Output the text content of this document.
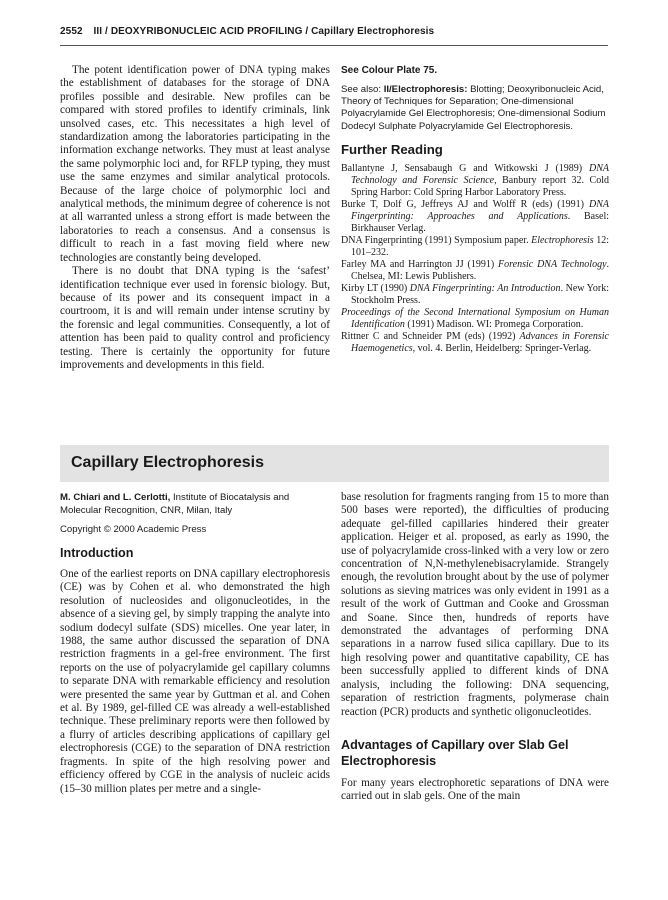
2552 III / DEOXYRIBONUCLEIC ACID PROFILING / Capillary Electrophoresis

The potent identification power of DNA typing makes the establishment of databases for the storage of DNA profiles possible and desirable. New profiles can be compared with stored profiles to identify criminals, link unsolved cases, etc. This necessitates a high level of standardization among the laboratories participating in the information exchange networks. They must at least analyse the same polymorphic loci and, for RFLP typing, they must use the same enzymes and similar analytical protocols. Because of the large choice of polymorphic loci and analytical methods, the minimum degree of coherence is not at all warranted unless a strong effort is made between the laboratories to reach a consensus. And a consensus is difficult to reach in a fast moving field where new technologies are constantly being developed.

There is no doubt that DNA typing is the ‘safest’ identification technique ever used in forensic biology. But, because of its power and its consequent impact in a courtroom, it is and will remain under intense scrutiny by the forensic and legal communities. Consequently, a lot of attention has been paid to quality control and proficiency testing. There is certainly the opportunity for future improvements and developments in this field.

See Colour Plate 75.
See also: II/Electrophoresis: Blotting; Deoxyribonucleic Acid, Theory of Techniques for Separation; One-dimensional Polyacrylamide Gel Electrophoresis; One-dimensional Sodium Dodecyl Sulphate Polyacrylamide Gel Electrophoresis.
Further Reading

Ballantyne J, Sensabaugh G and Witkowski J (1989) DNA Technology and Forensic Science, Banbury report 32. Cold Spring Harbor: Cold Spring Harbor Laboratory Press.

Burke T, Dolf G, Jeffreys AJ and Wolff R (eds) (1991) DNA Fingerprinting: Approaches and Applications. Basel: Birkhauser Verlag.

DNA Fingerprinting (1991) Symposium paper. Electrophoresis 12: 101–232.

Farley MA and Harrington JJ (1991) Forensic DNA Technology. Chelsea, MI: Lewis Publishers.

Kirby LT (1990) DNA Fingerprinting: An Introduction. New York: Stockholm Press.

Proceedings of the Second International Symposium on Human Identification (1991) Madison. WI: Promega Corporation.

Rittner C and Schneider PM (eds) (1992) Advances in Forensic Haemogenetics, vol. 4. Berlin, Heidelberg: Springer-Verlag.

Capillary Electrophoresis
M. Chiari and L. Cerlotti, Institute of Biocatalysis and Molecular Recognition, CNR, Milan, Italy
Copyright © 2000 Academic Press
Introduction

One of the earliest reports on DNA capillary electrophoresis (CE) was by Cohen et al. who demonstrated the high resolution of nucleosides and oligonucleotides, in the absence of a sieving gel, by simply trapping the analyte into sodium dodecyl sulfate (SDS) micelles. One year later, in 1988, the same author discussed the separation of DNA restriction fragments in a gel-free environment. The first reports on the use of polyacrylamide gel capillary columns to separate DNA with remarkable efficiency and resolution were presented the same year by Guttman et al. and Cohen et al. By 1989, gel-filled CE was already a well-established technique. These preliminary reports were then followed by a flurry of articles describing applications of capillary gel electrophoresis (CGE) to the separation of DNA restriction fragments. In spite of the high resolving power and efficiency offered by CGE in the analysis of nucleic acids (15–30 million plates per metre and a single-

base resolution for fragments ranging from 15 to more than 500 bases were reported), the difficulties of producing adequate gel-filled capillaries hindered their greater application. Heiger et al. proposed, as early as 1990, the use of polyacrylamide cross-linked with a very low or zero concentration of N,N-methylenebisacrylamide. Strangely enough, the revolution brought about by the use of polymer solutions as sieving matrices was only evident in 1991 as a result of the work of Guttman and Cooke and Grossman and Soane. Since then, hundreds of reports have demonstrated the advantages of performing DNA separations in a narrow fused silica capillary. Due to its high resolving power and quantitative capability, CE has been successfully applied to different kinds of DNA analysis, including the following: DNA sequencing, separation of restriction fragments, polymerase chain reaction (PCR) products and synthetic oligonucleotides.

Advantages of Capillary over Slab Gel Electrophoresis

For many years electrophoretic separations of DNA were carried out in slab gels. One of the main
